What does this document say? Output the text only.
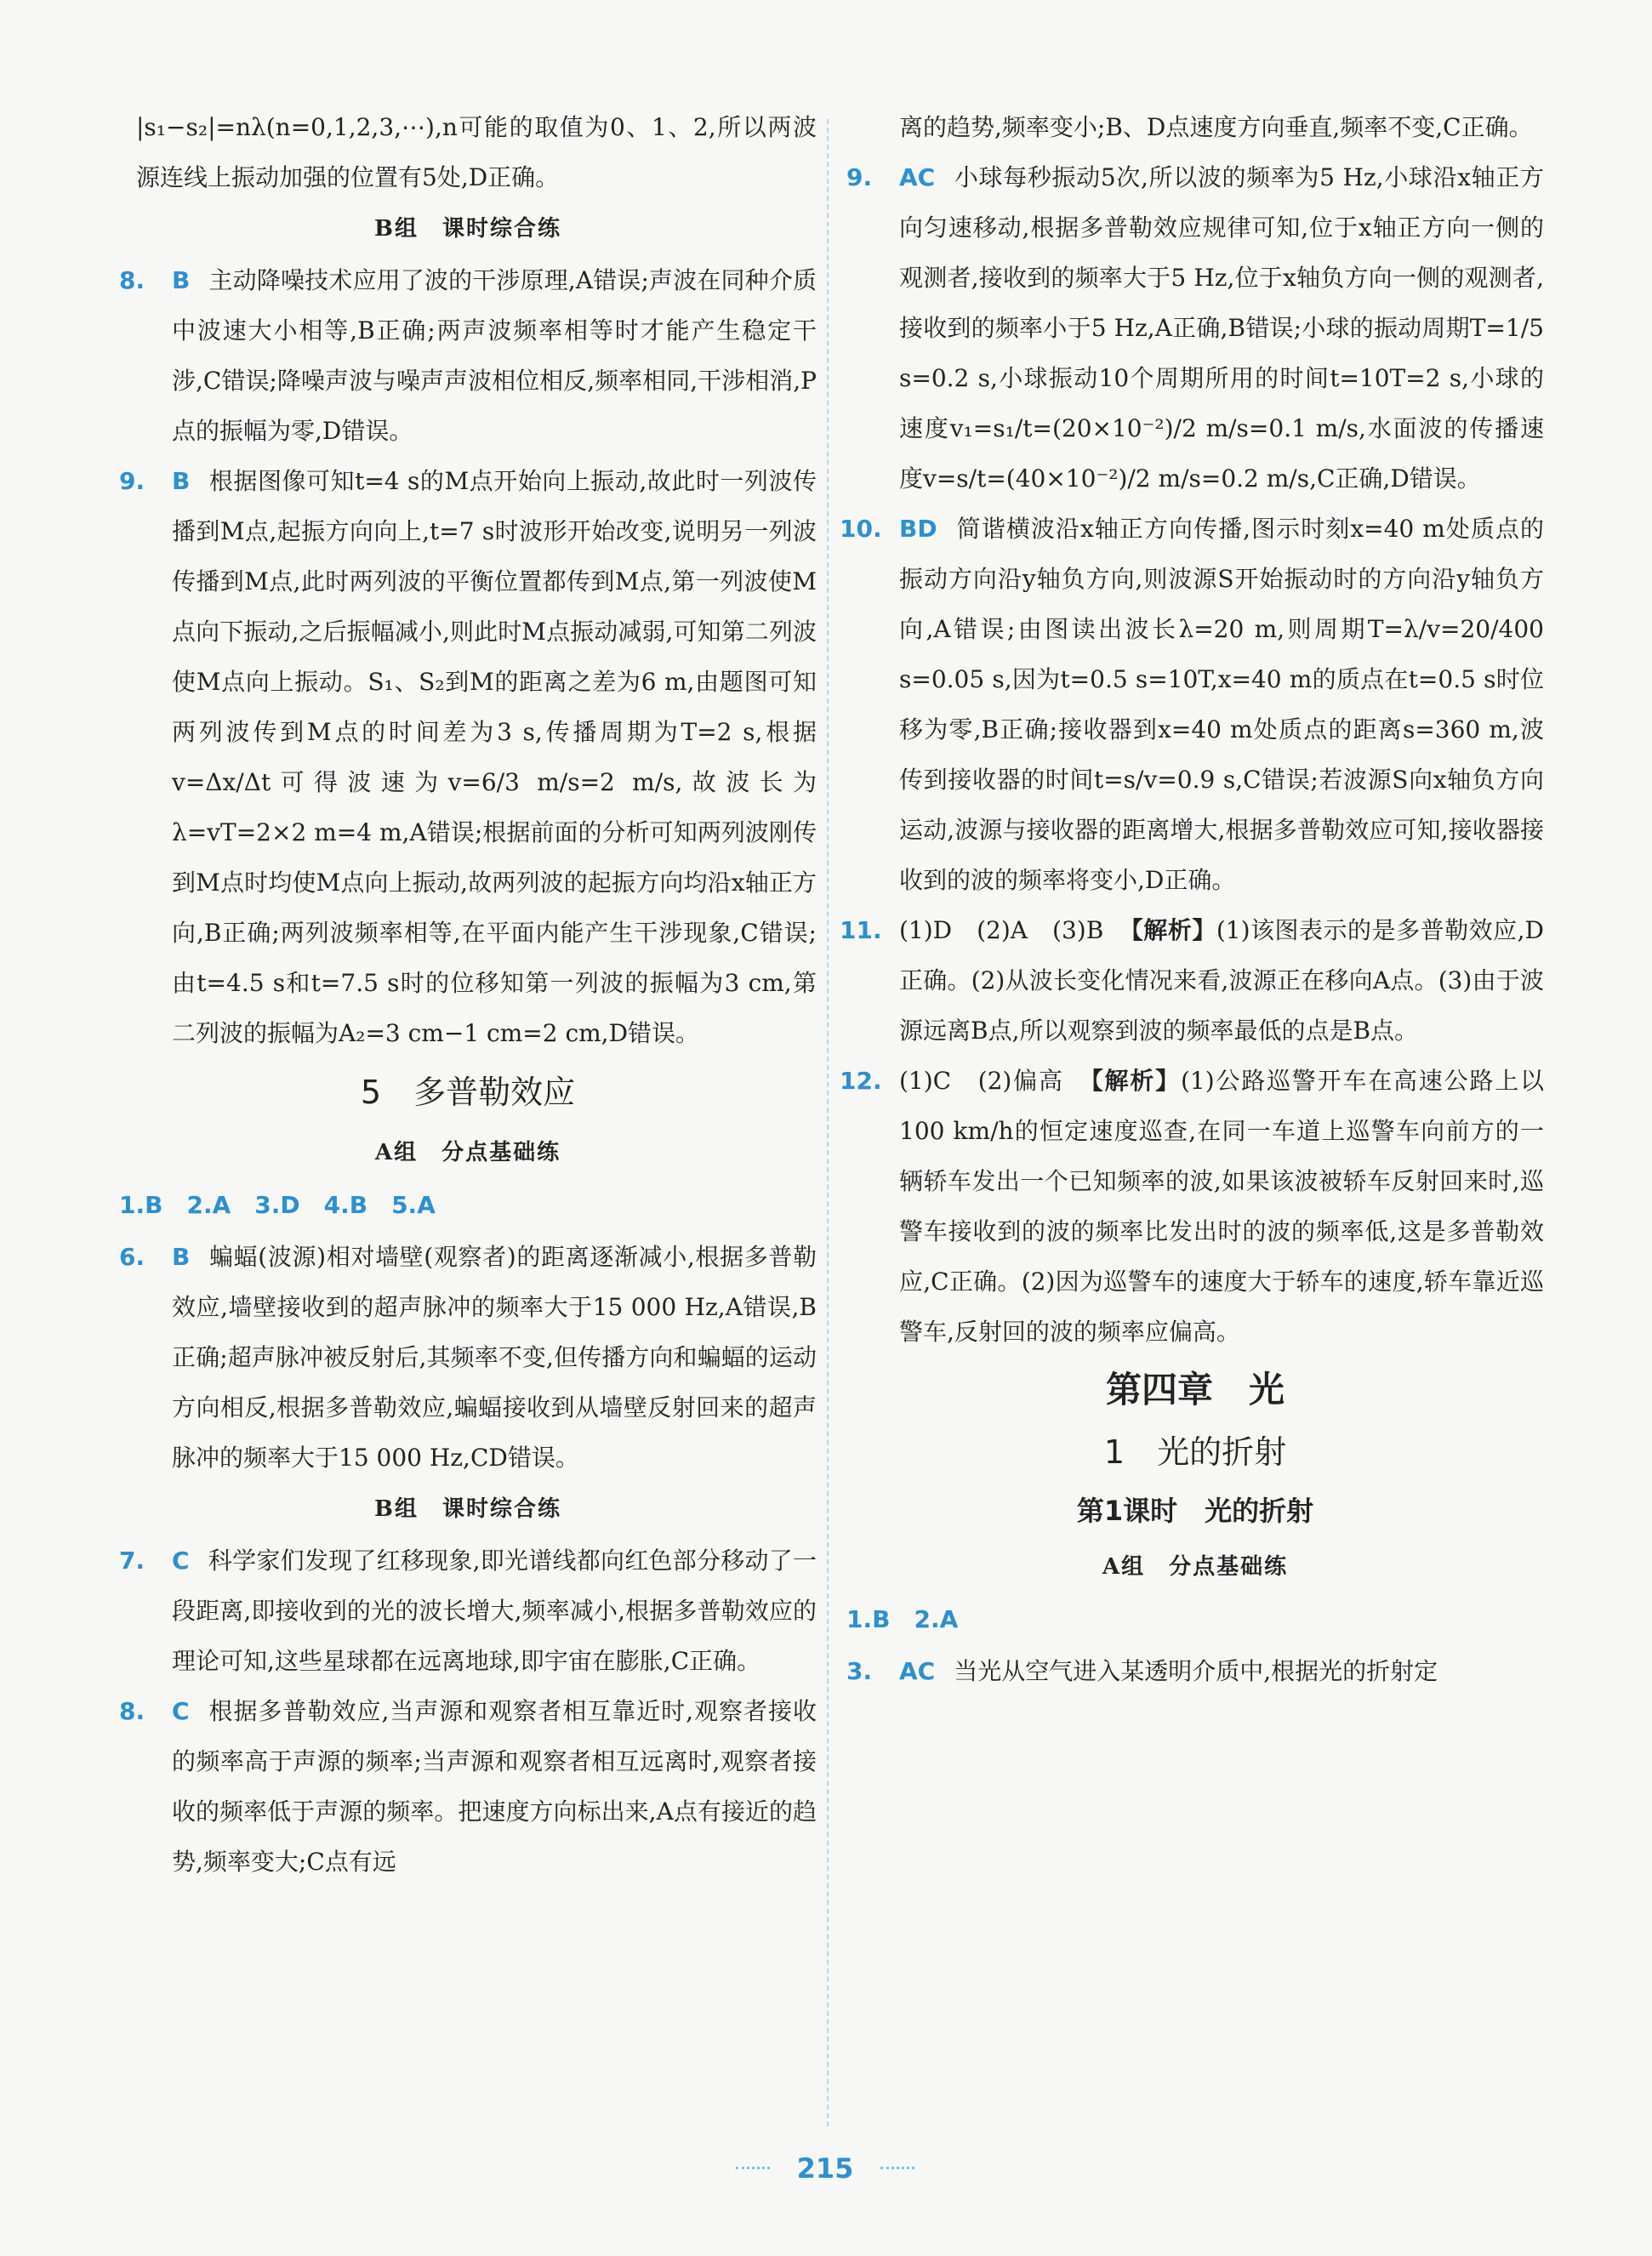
|s₁−s₂|=nλ(n=0,1,2,3,⋯),n可能的取值为0、1、2,所以两波源连线上振动加强的位置有5处,D正确。

B组　课时综合练
8. B 主动降噪技术应用了波的干涉原理,A错误;声波在同种介质中波速大小相等,B正确;两声波频率相等时才能产生稳定干涉,C错误;降噪声波与噪声声波相位相反,频率相同,干涉相消,P点的振幅为零,D错误。
9. B 根据图像可知t=4 s的M点开始向上振动,故此时一列波传播到M点,起振方向向上,t=7 s时波形开始改变,说明另一列波传播到M点,此时两列波的平衡位置都传到M点,第一列波使M点向下振动,之后振幅减小,则此时M点振动减弱,可知第二列波使M点向上振动。S₁、S₂到M的距离之差为6 m,由题图可知两列波传到M点的时间差为3 s,传播周期为T=2 s,根据v=Δx/Δt可得波速为v=6/3 m/s=2 m/s,故波长为λ=vT=2×2 m=4 m,A错误;根据前面的分析可知两列波刚传到M点时均使M点向上振动,故两列波的起振方向均沿x轴正方向,B正确;两列波频率相等,在平面内能产生干涉现象,C错误;由t=4.5 s和t=7.5 s时的位移知第一列波的振幅为3 cm,第二列波的振幅为A₂=3 cm−1 cm=2 cm,D错误。
5　多普勒效应
A组　分点基础练
1.B　2.A　3.D　4.B　5.A
6. B 蝙蝠(波源)相对墙壁(观察者)的距离逐渐减小,根据多普勒效应,墙壁接收到的超声脉冲的频率大于15 000 Hz,A错误,B正确;超声脉冲被反射后,其频率不变,但传播方向和蝙蝠的运动方向相反,根据多普勒效应,蝙蝠接收到从墙壁反射回来的超声脉冲的频率大于15 000 Hz,CD错误。
B组　课时综合练
7. C 科学家们发现了红移现象,即光谱线都向红色部分移动了一段距离,即接收到的光的波长增大,频率减小,根据多普勒效应的理论可知,这些星球都在远离地球,即宇宙在膨胀,C正确。
8. C 根据多普勒效应,当声源和观察者相互靠近时,观察者接收的频率高于声源的频率;当声源和观察者相互远离时,观察者接收的频率低于声源的频率。把速度方向标出来,A点有接近的趋势,频率变大;C点有远

离的趋势,频率变小;B、D点速度方向垂直,频率不变,C正确。

9. AC 小球每秒振动5次,所以波的频率为5 Hz,小球沿x轴正方向匀速移动,根据多普勒效应规律可知,位于x轴正方向一侧的观测者,接收到的频率大于5 Hz,位于x轴负方向一侧的观测者,接收到的频率小于5 Hz,A正确,B错误;小球的振动周期T=1/5 s=0.2 s,小球振动10个周期所用的时间t=10T=2 s,小球的速度v₁=s₁/t=(20×10⁻²)/2 m/s=0.1 m/s,水面波的传播速度v=s/t=(40×10⁻²)/2 m/s=0.2 m/s,C正确,D错误。
10. BD 简谐横波沿x轴正方向传播,图示时刻x=40 m处质点的振动方向沿y轴负方向,则波源S开始振动时的方向沿y轴负方向,A错误;由图读出波长λ=20 m,则周期T=λ/v=20/400 s=0.05 s,因为t=0.5 s=10T,x=40 m的质点在t=0.5 s时位移为零,B正确;接收器到x=40 m处质点的距离s=360 m,波传到接收器的时间t=s/v=0.9 s,C错误;若波源S向x轴负方向运动,波源与接收器的距离增大,根据多普勒效应可知,接收器接收到的波的频率将变小,D正确。
11. (1)D　(2)A　(3)B 【解析】(1)该图表示的是多普勒效应,D正确。(2)从波长变化情况来看,波源正在移向A点。(3)由于波源远离B点,所以观察到波的频率最低的点是B点。
12. (1)C　(2)偏高 【解析】(1)公路巡警开车在高速公路上以100 km/h的恒定速度巡查,在同一车道上巡警车向前方的一辆轿车发出一个已知频率的波,如果该波被轿车反射回来时,巡警车接收到的波的频率比发出时的波的频率低,这是多普勒效应,C正确。(2)因为巡警车的速度大于轿车的速度,轿车靠近巡警车,反射回的波的频率应偏高。
第四章　光
1　光的折射
第1课时　光的折射
A组　分点基础练
1.B　2.A
3. AC 当光从空气进入某透明介质中,根据光的折射定
215
